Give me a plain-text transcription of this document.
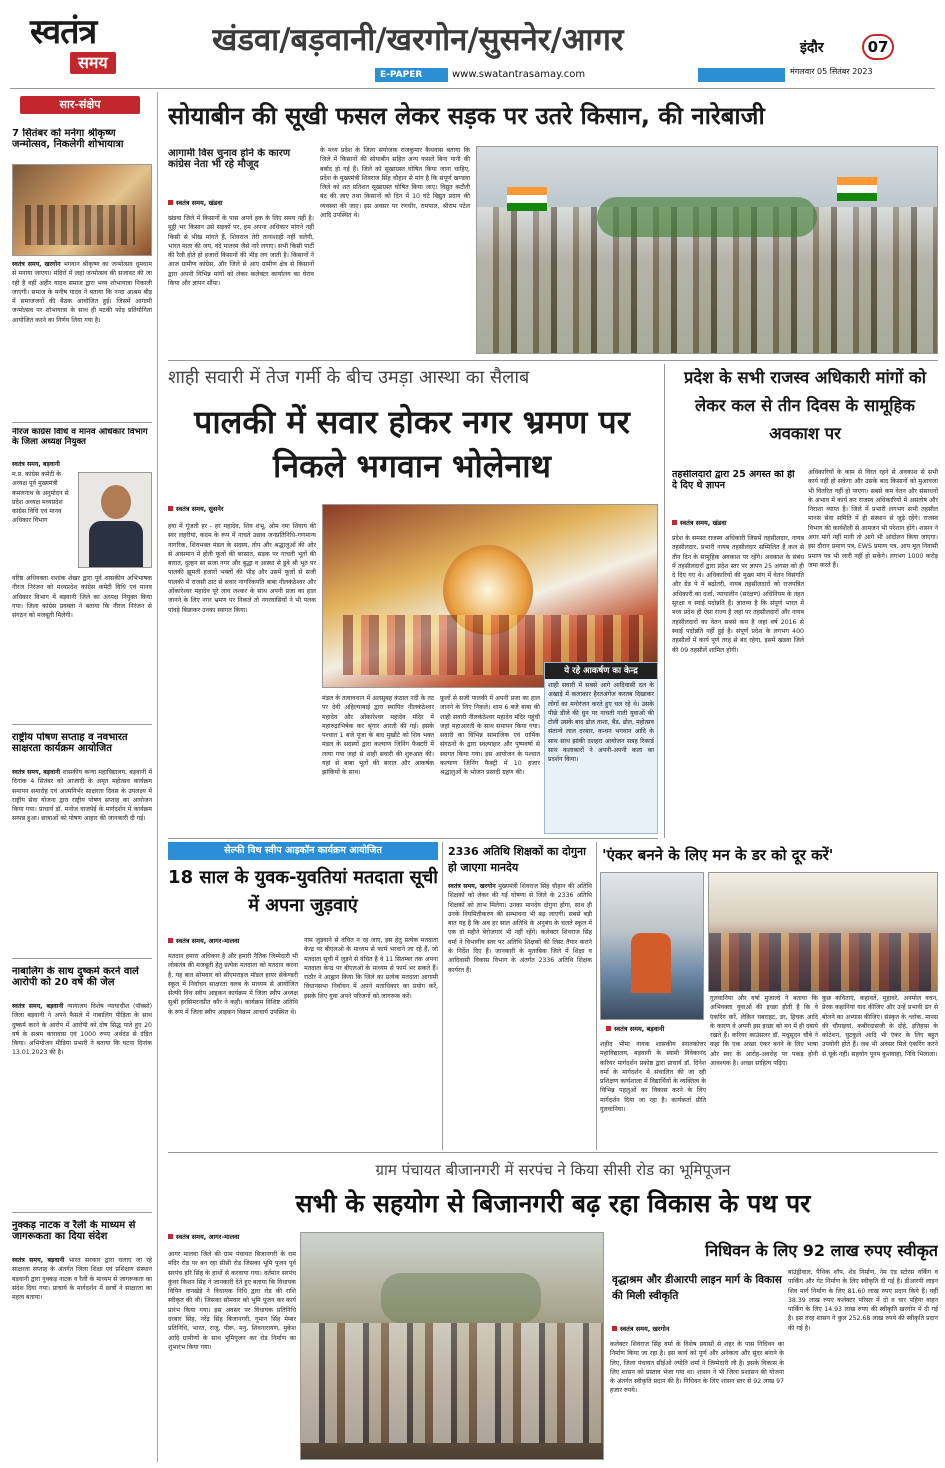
स्वतंत्र
समय
खंडवा/बड़वानी/खरगोन/सुसनेर/आगर
E-PAPER	www.swatantrasamay.com
इंदौर	07
मंगलवार 05 सितंबर 2023
सार-संक्षेप
7 सितंबर को मनेगा श्रीकृष्ण जन्मोत्सव, निकलेगी शोभायात्रा
स्वतंत्र समय, खरगोन भगवान श्रीकृष्ण का जन्मोत्सव धूमधाम से मनाया जाएगा। मंदिरों में जहां जन्मोत्सव की सजावट की जा रही है वहीं अहीर यादव समाज द्वारा भव्य शोभायात्रा निकाली जाएगी। समाज के मनीष यादव ने बताया कि नन्दा आश्रम बीड़ में समाजजनों की बैठक आयोजित हुई। जिसमें आगामी जन्मोत्सव पर शोभायात्रा के साथ ही मटकी फोड़ प्रतियोगिता आयोजित करने का निर्णय लिया गया है।
नीरज कांग्रेस विधि व मानव अधिकार विभाग के जिला अध्यक्ष नियुक्त
स्वतंत्र समय, बड़वानी
म.प्र. कांग्रेस कमेटी के अध्यक्ष पूर्व मुख्यमंत्री कमलनाथ के अनुमोदन से प्रदेश अध्यक्ष मध्यप्रदेश कांग्रेस विधि एवं मानव अधिकार विभाग
वरिष्ठ अधिवक्ता शशांक शेखर द्वारा पूर्व शासकीय अभिभाषक नीरज निरंजन को मध्यप्रदेश कांग्रेस कमेटी विधि एवं मानव अधिकार विभाग में बड़वानी जिले का अध्यक्ष नियुक्त किया गया। जिला कांग्रेस प्रवक्ता ने बताया कि नीरज निरंजन से संगठन को मजबूती मिलेगी।
राष्ट्रीय पोषण सप्ताह व नवभारत साक्षरता कार्यक्रम आयोजित
स्वतंत्र समय, बड़वानी शासकीय कन्या महाविद्यालय, बड़वानी में दिनांक 4 सितंबर को आजादी के अमृत महोत्सव कार्यक्रम समापन समारोह एवं आत्मनिर्भर साक्षरता दिवस के उपलक्ष्य में राष्ट्रीय सेवा योजना द्वारा राष्ट्रीय पोषण सप्ताह का आयोजन किया गया। प्राचार्य डॉ. मनोज वाजपेई के मार्गदर्शन में कार्यक्रम सम्पन्न हुआ। छात्राओं को पोषण आहार की जानकारी दी गई।
नाबालिग के साथ दुष्कर्म करने वाले आरोपी को 20 वर्ष की जेल
स्वतंत्र समय, बड़वानी न्यायालय विशेष न्यायाधीश (पॉक्सो) जिला बड़वानी ने अपने फैसले में नाबालिग पीड़िता के साथ दुष्कर्म करने के आरोप में आरोपी को दोष सिद्ध पाते हुए 20 वर्ष के सश्रम कारावास एवं 1000 रुपए अर्थदंड से दंडित किया। अभियोजन मीडिया प्रभारी ने बताया कि घटना दिनांक 13.01.2023 की है।
नुक्कड़ नाटक व रैली के माध्यम से जागरूकता का दिया संदेश
स्वतंत्र समय, बड़वानी भारत सरकार द्वारा चलाए जा रहे साक्षरता सप्ताह के अंतर्गत जिला शिक्षा एवं प्रशिक्षण संस्थान बड़वानी द्वारा नुक्कड़ नाटक व रैली के माध्यम से जागरूकता का संदेश दिया गया। प्राचार्य के मार्गदर्शन में छात्रों ने साक्षरता का महत्व बताया।
सोयाबीन की सूखी फसल लेकर सड़क पर उतरे किसान, की नारेबाजी
आगामी विस चुनाव होने के कारण कांग्रेस नेता भी रहे मौजूद
स्वतंत्र समय, खंडवा
खंडवा जिले में किसानों के पास अपने हक के लिए समय नहीं है। मुट्ठी भर किसान उसे सड़कों पर, हम अपना अधिकार मांगने नहीं किसी से भीख मांगते हैं, शिवराज तेरी तानाशाही नहीं चलेगी, भारत माता की जय, वंदे मातरम जैसे नारे लगाए। सभी किसी पार्टी की रैली होते हो हजारों किसानों की भीड़ लग जाती है। किसानों ने आज ग्रामीण कांग्रेस, और जिले से आए ग्रामीण क्षेत्र से किसानों द्वारा अपनी विभिन्न मांगों को लेकर कलेक्टर कार्यालय का घेराव किया और ज्ञापन सौंपा।
के मध्य प्रदेश के जिला संयोजक राजकुमार कैथवास बताया कि जिले में किसानों की सोयाबीन सहित अन्य फसलें बिना पानी की बर्बाद हो गई हैं। जिले को सूखाग्रस्त घोषित किया जाना चाहिए, प्रदेश के मुख्यमंत्री शिवराज सिंह चौहान से मांग है कि संपूर्ण खण्डवा जिले को शत प्रतिशत सूखाग्रस्त घोषित किया जाए। विद्युत कटौती बंद की जाए तथा किसानों को दिन में 10 घंटे बिद्युत प्रदाय की व्यवस्था की जाए। इस अवसर पर रणधीर, रामपाल, श्रीराम पटेल आदि उपस्थित थे।
शाही सवारी में तेज गर्मी के बीच उमड़ा आस्था का सैलाब
पालकी में सवार होकर नगर भ्रमण पर निकले भगवान भोलेनाथ
स्वतंत्र समय, सुसनेर
हवा में गूंजती हर - हर महादेव, शिव शंभू, ओम नमः शिवाय की स्वर लहरीयां, कदम के रूप में नाचते उछाव जनप्रतिनिधि-गणमान्य नागरिक, शिवभक्त मंडल के सदस्य, तोप और श्रद्धालुओं की ओर से आसमान में होती फूलों की बरसात, सड़क पर नाचती भूतों की बारात, दुल्हन सा सजा नगर और बुद्धा व आस्था से डूबे श्री भूत पर पालकी झूमती हजारों भक्तों की भीड़ और उसमें फूलों से सजी पालकी में राजसी ठाट से सवार नागरिकपति बाबा नीलकंठेश्वर और ओंकारेश्वर महादेव पूरे लाव लश्कर के साथ अपनी प्रजा का हाल जानने के लिए नगर भ्रमण पर निकले तो नगरवासियों ने भी पलक पांवड़े बिछाकर उनका स्वागत किया।
मंडल के तत्वावधान में अलसुबह कंठाल नदी के तट पर देवी अहिल्याबाई द्वारा स्थापित नीलकंठेश्वर महादेव और ओंकारेश्वर महादेव मंदिर में महारुद्राभिषेक कर श्रृंगार आरती की गई। इसके पश्चात 1 बजे पूजा के बाद मुखौटे को शिव भक्त मंडल के सदस्यों द्वारा कल्याण जिनिंग फैक्टरी में लाया गया जहां से शाही सवारी की शुरुआत की। यहां से बाबा भूतों की बारात और आकर्षक झांकियों के साथ।
फूलों से सजी पालकी में अपनी प्रजा का हाल जानने के लिए निकले। शाम 6 बजे बाबा की शाही सवारी नीलकंठेश्वर महादेव मंदिर पहुंची जहां महाआरती के साथ समापन किया गया। सवारी का विभिन्न सामाजिक एवं धार्मिक संगठनों के द्वारा स्वल्पाहार और पुष्पवर्षा से स्वागत किया गया। इस आयोजन के पश्चात कल्याण जिनिंग फैक्ट्री में 10 हजार श्रद्धालुओं के भोजन प्रसादी ग्रहण की।
ये रहे आकर्षण का केन्द्र
शाही सवारी में सबसे आगे आदिवासी दल के अखाड़े में कलाकार हैरतअंगेज करतब दिखाकर लोगों का मनोरंजन करते हुए चल रहे थे। उसके पीछे डीजे की धुन पर नाचती गाती युवाओं की टोली उसके बाद ढोल ताशा, बैंड, ढोल, महोत्सव संतान्वे लाल दरबार, कन्धन भगवान आदि के साथ साथ झांकी दशहरा आयोजन सत्रह रिकार्ड साथ कलाकारों ने अपनी-अपनी कला का प्रदर्शन किया।
प्रदेश के सभी राजस्व अधिकारी मांगों को लेकर कल से तीन दिवस के सामूहिक अवकाश पर
तहसीलदारों द्वारा 25 अगस्त को ही दे दिए थे ज्ञापन
स्वतंत्र समय, खंडवा
प्रदेश के समस्त राजस्व अधिकारी जिसमें तहसीलदार, नायब तहसीलदार, प्रभारी नायब तहसीलदार सम्मिलित हैं कल से तीन दिन के सामूहिक अवकाश पर रहेंगे। अवकाश के संबंध में तहसीलदारों द्वारा प्रदेश स्तर पर ज्ञापन 25 अगस्त को ही दे दिए गए थे। अधिकारियों की मुख्य मांग में वेतन विसंगति और ग्रेड पे में बढ़ोतरी, नायब तहसीलदारों को राजपत्रित अधिकारी का दर्जा, न्यायालीन (सरंक्षण) अधिनियम के तहत सुरक्षा व स्वाई पदोन्नति हैं। ज्ञातव्य है कि संपूर्ण भारत में मध्य प्रदेश ही ऐसा राज्य है जहां पर तहसीलदारों और नायब तहसीलदारों का वेतन सबसे कम है जहां वर्ष 2016 से स्थाई पदोन्नति नहीं हुई है। संपूर्ण प्रदेश के लगभग 400 तहसीलों में कार्य पूर्ण तरह से बंद रहेगा, इसमें खंडवा जिले की 09 तहसीलें शामिल होगी।
अधिकारियों के काम से विरत रहने से अवकाश से सभी कार्य नहीं हो सकेगा और उसके बाद किसानों को मुआवजा भी वितरित नहीं हो पाएगा। सबसे कम वेतन और संसाधनों के अभाव में कार्य कर राजस्व अधिकारियों में असंतोष और निराशा व्याप्त है। जिले में प्रभारी लगभग सभी तहसील मानस सेवा समिति में ही संस्थान से जुड़े रहेंगे। राजस्व विभाग की कार्यशैली से आमजन भी परेशान होंगे। शासन ने अगर मांगें नहीं मानी तो आगे भी आंदोलन किया जाएगा। इस दौरान प्रमाण पत्र, EWS प्रमाण पत्र, आय मूल निवासी प्रमाण पत्र भी जारी नहीं हो सकेंगे। लगभग 1000 करोड़ जमा करते हैं।
सेल्फी विथ स्वीप आइकॉन कार्यक्रम आयोजित
18 साल के युवक-युवतियां मतदाता सूची में अपना जुड़वाएं
स्वतंत्र समय, आगर-मालवा
मतदान हमारा अधिकार है और हमारी नैतिक जिम्मेदारी भी लोकतंत्र की मजबूती हेतु प्रत्येक मतदाता को मतदान करना है, यह बात सोमवार को सीएमराइज मॉडल हायर सेकेण्डरी स्कूल में निर्वाचन साक्षरता क्लब के माध्यम से आयोजित सेल्फी विथ स्वीप आइकन कार्यक्रम में जिला स्वीप अध्यक्ष सुश्री हरसिमरनप्रीत कौर ने कही। कार्यक्रम विशिष्ट अतिथि के रूप में जिला स्वीप आइकन विक्रम आचार्य उपस्थित थे।
नाम जुड़वाने से वंचित न रह जाए, इस हेतु प्रत्येक मतदाता केन्द्र पर बीएलओ के माध्यम से फार्म भरवाने जा रहे हैं, जो मतदाता सूची में जुड़ने से वंचित है वे 11 सितम्बर तक अपना मतदाता केन्द्र पर बीएलओ के माध्यम से फार्म भर सकते हैं। राठौर ने आह्वान किया कि जिले का प्रत्येक मतदाता आगामी विधानसभा निर्वाचन में अपने मताधिकार का प्रयोग करें, इसके लिए युवा अपने परिजनों को जागरूक करें।
2336 अतिथि शिक्षकों का दोगुना हो जाएगा मानदेय
स्वतंत्र समय, खरगोन मुख्यमंत्री शिवराज सिंह चौहान की अतिथि शिक्षकों को लेकर की गई घोषणा से जिले के 2336 अतिथि शिक्षकों को लाभ मिलेगा। उनका मानदेय दोगुना होगा, साथ ही उनके नियमितीकरण की सम्भावना भी बढ़ जाएगी। सबसे बड़ी बात यह है कि अब हर साल अतिथि के अनुबंध के चलते स्कूल में एक दो महीने बेरोजगार भी नहीं रहेंगे। कलेक्टर शिवराज सिंह वर्मा ने विभागीय स्तर पर अतिथि शिक्षकों की लिस्ट तैयार कराने के निर्देश दिए हैं। जानकारी के मुताबिक जिले में शिक्षा व आदिवासी विकास विभाग के अंतर्गत 2336 अतिथि शिक्षक कार्यरत हैं।
'एंकर बनने के लिए मन के डर को दूर करें'
स्वतंत्र समय, बड़वानी
शहीद भीमा नायक शासकीय स्नातकोत्तर महाविद्यालय, बड़वानी के स्वामी विवेकानंद करियर मार्गदर्शन प्रकोष्ठ द्वारा प्राचार्य डॉ. दिनेश वर्मा के मार्गदर्शन में संचालित की जा रही प्रशिक्षण कार्यशाला में विद्यार्थियों के व्यक्तित्व के विभिन्न पहलुओं का विकास करने के लिए मार्गदर्शन दिया जा रहा है। कार्यकर्ता प्रीति गुलवानिया।
गुलवानिया और वर्षा मुजाल्दे ने बताया कि अभिवक्ता युवाओं की इच्छा होती है कि वे एंकरिंग करें, लेकिन घबराहट, डर, हिचक आदि के कारण वे अपनी इस इच्छा को मन में ही दबाये रखते हैं। करियर काउंसलर डॉ. मधुसूदन चौबे ने कहा कि एक अच्छा एंकर बनने के लिए भाषा और स्वर के आरोह-अवरोह पर पकड़ होनी आवश्यक है। अच्छा साहित्य पढ़िए।
कुछ कविताएं, कहावतें, मुहावरे, अनमोल वचन, प्रेरक कहानियां याद कीजिए और उन्हें प्रभावी ढंग से बोलने का अभ्यास कीजिए। संस्कृत के श्लोक, मानस की चौपाइयां, कबीरदासजी के दोहे, इतिहास के कोटेशन, चुटकुले आदि भी एंकर के लिए बहुत उपयोगी होते हैं। जब भी अवसर मिले एंकरिंग करने से चूकें नहीं। सहयोग पूनम कुशवाहा, निधि भिलाला।
ग्राम पंचायत बीजानगरी में सरपंच ने किया सीसी रोड का भूमिपूजन
सभी के सहयोग से बिजानगरी बढ़ रहा विकास के पथ पर
स्वतंत्र समय, आगर-मालवा
आगर मालवा जिले की ग्राम पंचायत बिजानगरी के राम मंदिर रोड पर बन रहा सीसी रोड जिसका भूमि पूजन पूर्व सरपंच हरि सिंह के हाथों से करवाया गया। वर्तमान सरपंच कुंवर किशन सिंह ने जानकारी देते हुए बताया कि विधायक विपिन वानखेड़े ने विधायक निधि द्वारा रोड की राशि स्वीकृत की थी। जिसका सोमवार को भूमि पूजन कर कार्य प्रारंभ किया गया। इस अवसर पर विधायक प्रतिनिधि दरबार सिंह, नरेंद्र सिंह बिजानगरी, गुमान सिंह मेम्बर प्रतिनिधि, भारत, राजू, पीरू, मनु, शिवनारायण, मुकेश आदि ग्रामीणों के साथ भूमिपूजन कर रोड निर्माण का शुभारंभ किया गया।
निधिवन के लिए 92 लाख रुपए स्वीकृत
वृद्धाश्रम और डीआरपी लाइन मार्ग के विकास की मिली स्वीकृति
स्वतंत्र समय, खरगोन
कलेक्टर शिवराज सिंह वर्मा के विशेष प्रयासों से शहर के पास निधिवन का निर्माण किया जा रहा है। इस कार्य को पूर्ण और अनेकता और सुंदर बनाने के लिए, जिला पंचायत सीईओ ज्योति शर्मा ने जिम्मेदारी ली है। इसके विकास के लिए शासन को प्रस्ताव भेजा गया था। शासन ने भी जिला प्रशासन की योजना के अंतर्गत स्वीकृति प्रदान की है। निधिवन के लिए शासन स्तर से 92 लाख 97 हजार रुपये।
बाउंड्रीवाल, पैथिक शॉप, शेड निर्माण, नेम एंड स्टोरस वर्किंग व पार्किंग और गेट निर्माण के लिए स्वीकृति दी गई है। डीआरपी लाइन शिव मार्ग निर्माण के लिए 81.60 लाख रुपए प्रदान किये हैं। वहीं 38.39 लाख रुपए कलेक्टर परिसर में दो व चार पहिया वाहन पार्किंग के लिए 14.93 लाख रुपए की स्वीकृति खरगोन में दी गई है। इस तरह शासन ने कुल 252.68 लाख रुपये की स्वीकृति प्रदान की गई है।
